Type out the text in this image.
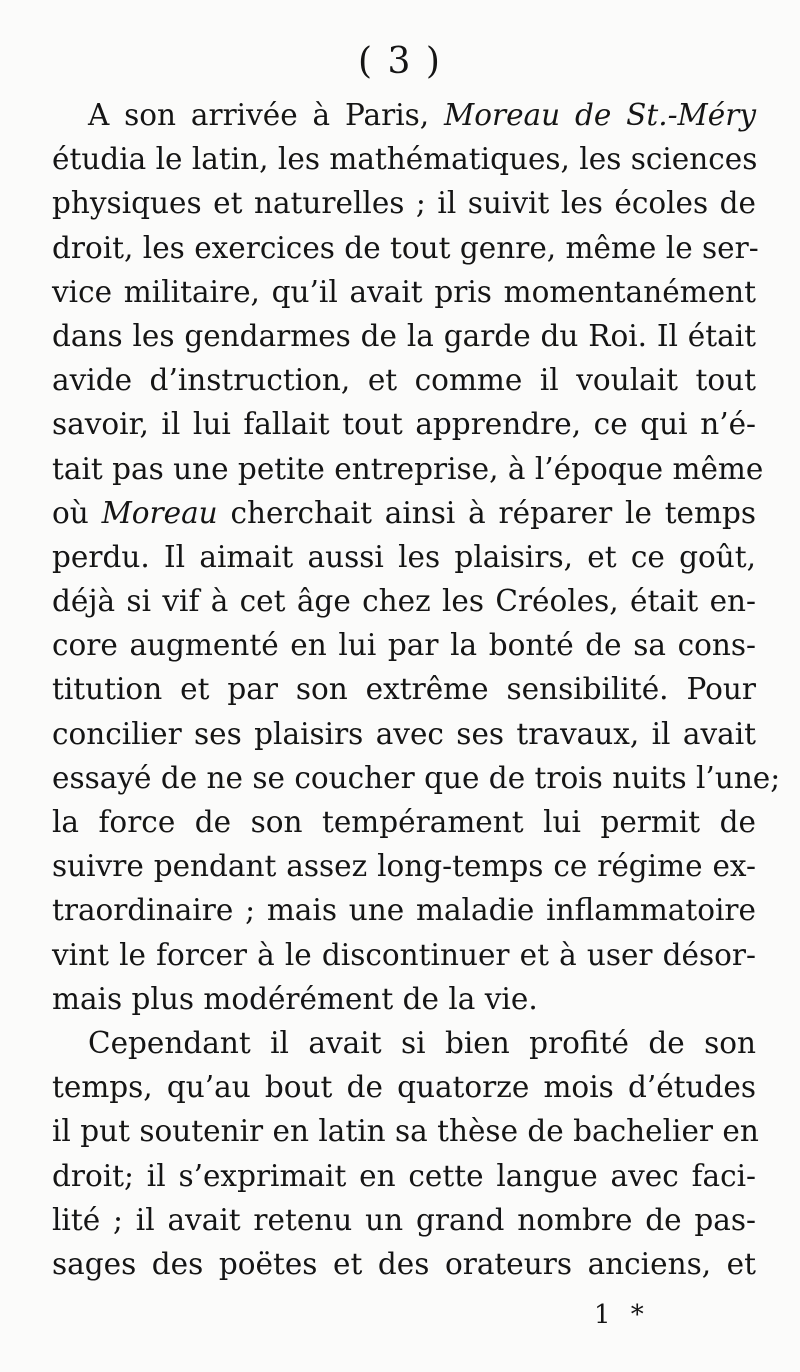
( 3 )
A son arrivée à Paris, Moreau de St.-Méry
étudia le latin, les mathématiques, les sciences
physiques et naturelles ; il suivit les écoles de
droit, les exercices de tout genre, même le ser-
vice militaire, qu’il avait pris momentanément
dans les gendarmes de la garde du Roi. Il était
avide d’instruction, et comme il voulait tout
savoir, il lui fallait tout apprendre, ce qui n’é-
tait pas une petite entreprise, à l’époque même
où Moreau cherchait ainsi à réparer le temps
perdu. Il aimait aussi les plaisirs, et ce goût,
déjà si vif à cet âge chez les Créoles, était en-
core augmenté en lui par la bonté de sa cons-
titution et par son extrême sensibilité. Pour
concilier ses plaisirs avec ses travaux, il avait
essayé de ne se coucher que de trois nuits l’une;
la force de son tempérament lui permit de
suivre pendant assez long-temps ce régime ex-
traordinaire ; mais une maladie inflammatoire
vint le forcer à le discontinuer et à user désor-
mais plus modérément de la vie.
Cependant il avait si bien profité de son
temps, qu’au bout de quatorze mois d’études
il put soutenir en latin sa thèse de bachelier en
droit; il s’exprimait en cette langue avec faci-
lité ; il avait retenu un grand nombre de pas-
sages des poëtes et des orateurs anciens, et
1 *
